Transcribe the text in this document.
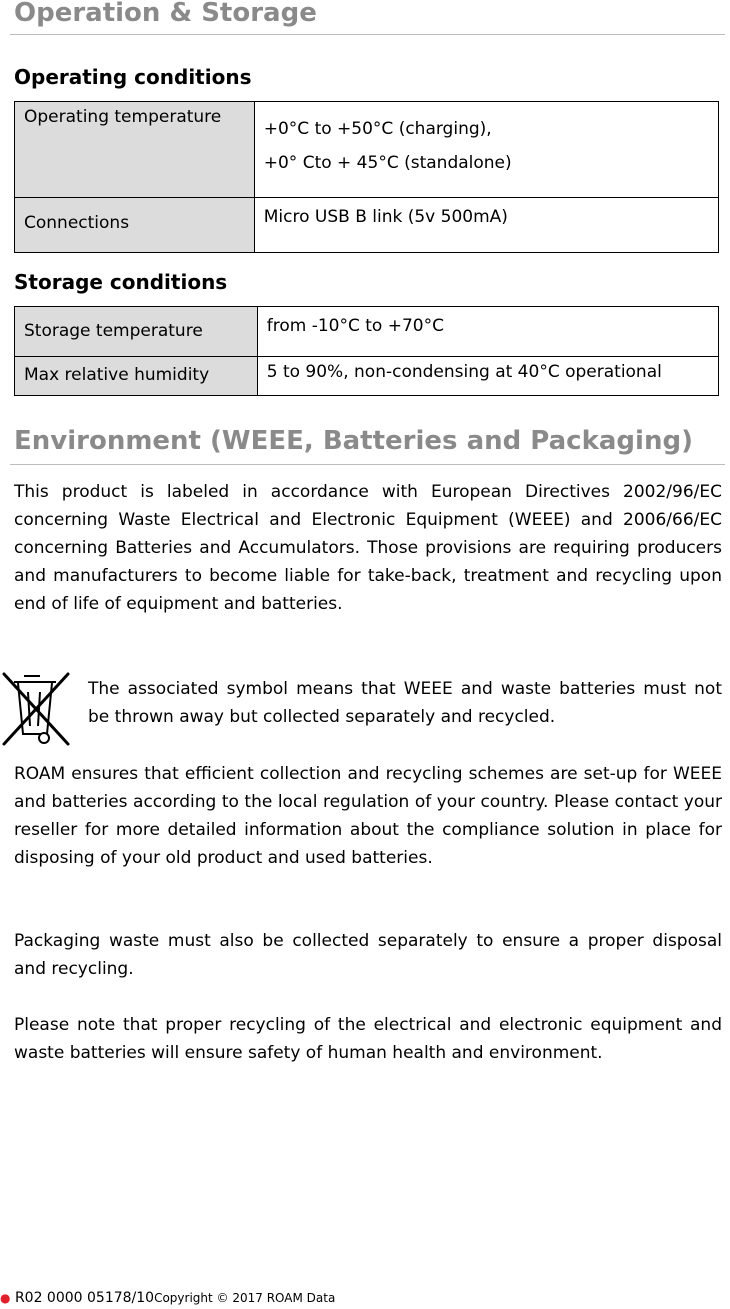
Operation & Storage
Operating conditions
Operating temperature	+0°C to +50°C (charging),

+0° Cto + 45°C (standalone)

Connections	Micro USB B link (5v 500mA)
Storage conditions
Storage temperature	from -10°C to +70°C

Max relative humidity	5 to 90%, non-condensing at 40°C operational
Environment (WEEE, Batteries and Packaging)

This product is labeled in accordance with European Directives 2002/96/EC concerning Waste Electrical and Electronic Equipment (WEEE) and 2006/66/EC concerning Batteries and Accumulators. Those provisions are requiring producers and manufacturers to become liable for take-back, treatment and recycling upon end of life of equipment and batteries.

The associated symbol means that WEEE and waste batteries must not be thrown away but collected separately and recycled.

ROAM ensures that efficient collection and recycling schemes are set-up for WEEE and batteries according to the local regulation of your country. Please contact your reseller for more detailed information about the compliance solution in place for disposing of your old product and used batteries.

Packaging waste must also be collected separately to ensure a proper disposal and recycling.

Please note that proper recycling of the electrical and electronic equipment and waste batteries will ensure safety of human health and environment.

● R02 0000 05178/10Copyright © 2017 ROAM Data
